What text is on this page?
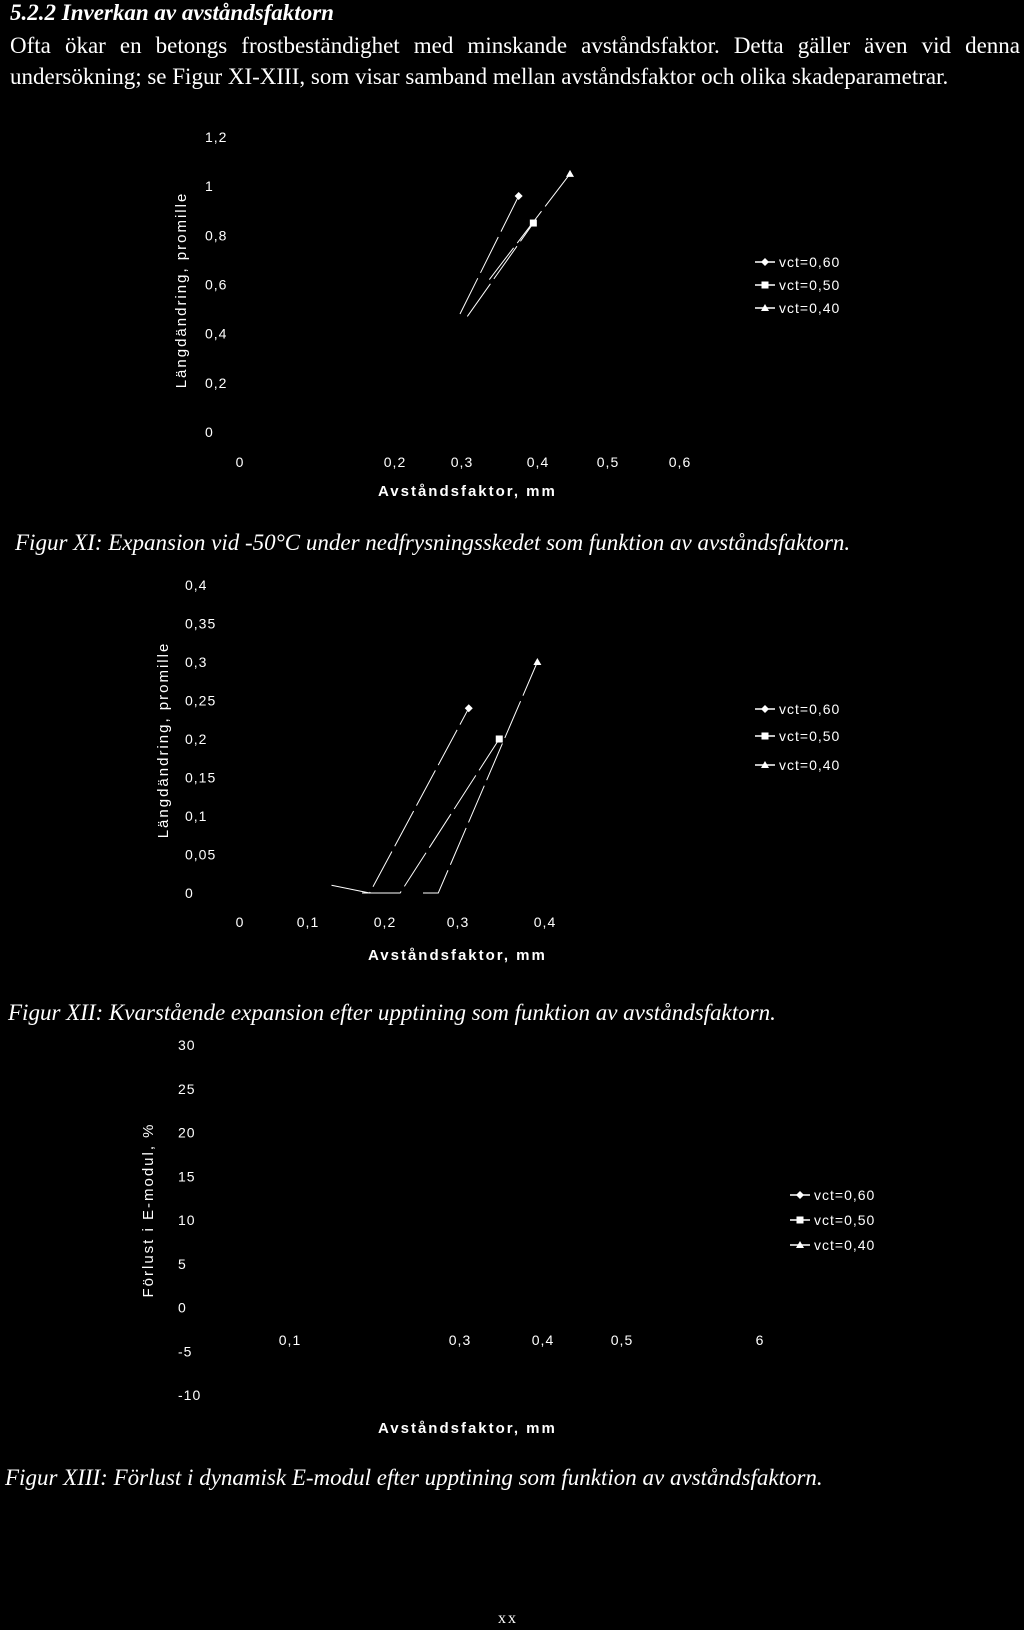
5.2.2 Inverkan av avståndsfaktorn
Ofta ökar en betongs frostbeständighet med minskande avståndsfaktor. Detta gäller även vid denna undersökning; se Figur XI-XIII, som visar samband mellan avståndsfaktor och olika skadeparametrar.
1,2
1
0,8
0,6
0,4
0,2
0
0	0,2	0,3	0,4	0,5	0,6
Avståndsfaktor, mm
Längdändring, promille	vct=0,60
vct=0,50
vct=0,40
Figur XI: Expansion vid -50°C under nedfrysningsskedet som funktion av avståndsfaktorn.
0,4
0,35
0,3
0,25
0,2
0,15
0,1
0,05
0
0	0,1	0,2	0,3	0,4
Avståndsfaktor, mm
Längdändring, promille	vct=0,60
vct=0,50
vct=0,40
Figur XII: Kvarstående expansion efter upptining som funktion av avståndsfaktorn.
30
25
20
15
10
5
0
-5
-10
0,1	0,3	0,4	0,5	6
Avståndsfaktor, mm
Förlust i E-modul, %	vct=0,60
vct=0,50
vct=0,40
Figur XIII: Förlust i dynamisk E-modul efter upptining som funktion av avståndsfaktorn.
xx
